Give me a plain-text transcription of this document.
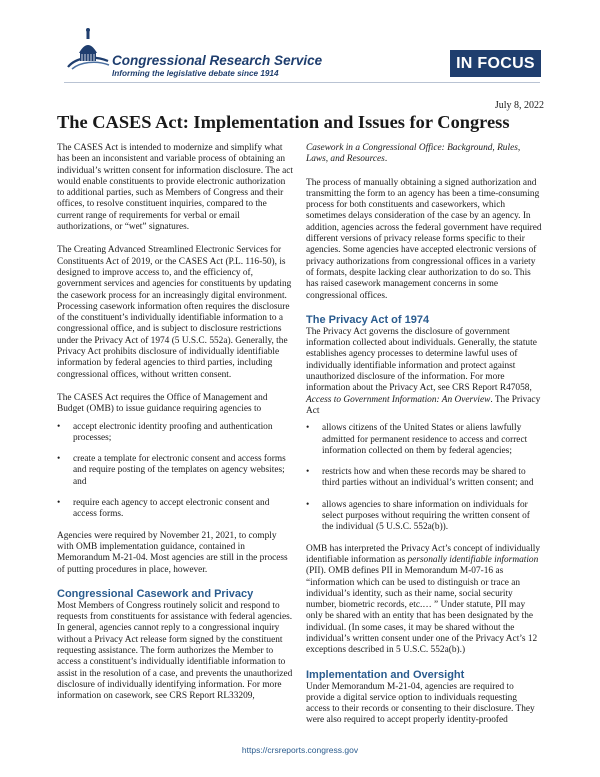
Congressional Research Service
Informing the legislative debate since 1914
IN FOCUS
July 8, 2022
The CASES Act: Implementation and Issues for Congress

The CASES Act is intended to modernize and simplify what has been an inconsistent and variable process of obtaining an individual’s written consent for information disclosure. The act would enable constituents to provide electronic authorization to additional parties, such as Members of Congress and their offices, to resolve constituent inquiries, compared to the current range of requirements for verbal or email authorizations, or “wet” signatures.

The Creating Advanced Streamlined Electronic Services for Constituents Act of 2019, or the CASES Act (P.L. 116-50), is designed to improve access to, and the efficiency of, government services and agencies for constituents by updating the casework process for an increasingly digital environment. Processing casework information often requires the disclosure of the constituent’s individually identifiable information to a congressional office, and is subject to disclosure restrictions under the Privacy Act of 1974 (5 U.S.C. 552a). Generally, the Privacy Act prohibits disclosure of individually identifiable information by federal agencies to third parties, including congressional offices, without written consent.

The CASES Act requires the Office of Management and Budget (OMB) to issue guidance requiring agencies to

• accept electronic identity proofing and authentication processes;
• create a template for electronic consent and access forms and require posting of the templates on agency websites; and
• require each agency to accept electronic consent and access forms.

Agencies were required by November 21, 2021, to comply with OMB implementation guidance, contained in Memorandum M-21-04. Most agencies are still in the process of putting procedures in place, however.

Congressional Casework and Privacy

Most Members of Congress routinely solicit and respond to requests from constituents for assistance with federal agencies. In general, agencies cannot reply to a congressional inquiry without a Privacy Act release form signed by the constituent requesting assistance. The form authorizes the Member to access a constituent’s individually identifiable information to assist in the resolution of a case, and prevents the unauthorized disclosure of individually identifying information. For more information on casework, see CRS Report RL33209,

Casework in a Congressional Office: Background, Rules, Laws, and Resources.

The process of manually obtaining a signed authorization and transmitting the form to an agency has been a time-consuming process for both constituents and caseworkers, which sometimes delays consideration of the case by an agency. In addition, agencies across the federal government have required different versions of privacy release forms specific to their agencies. Some agencies have accepted electronic versions of privacy authorizations from congressional offices in a variety of formats, despite lacking clear authorization to do so. This has raised casework management concerns in some congressional offices.

The Privacy Act of 1974

The Privacy Act governs the disclosure of government information collected about individuals. Generally, the statute establishes agency processes to determine lawful uses of individually identifiable information and protect against unauthorized disclosure of the information. For more information about the Privacy Act, see CRS Report R47058, Access to Government Information: An Overview. The Privacy Act

• allows citizens of the United States or aliens lawfully admitted for permanent residence to access and correct information collected on them by federal agencies;
• restricts how and when these records may be shared to third parties without an individual’s written consent; and
• allows agencies to share information on individuals for select purposes without requiring the written consent of the individual (5 U.S.C. 552a(b)).

OMB has interpreted the Privacy Act’s concept of individually identifiable information as personally identifiable information (PII). OMB defines PII in Memorandum M-07-16 as “information which can be used to distinguish or trace an individual’s identity, such as their name, social security number, biometric records, etc.… ” Under statute, PII may only be shared with an entity that has been designated by the individual. (In some cases, it may be shared without the individual’s written consent under one of the Privacy Act’s 12 exceptions described in 5 U.S.C. 552a(b).)

Implementation and Oversight

Under Memorandum M-21-04, agencies are required to provide a digital service option to individuals requesting access to their records or consenting to their disclosure. They were also required to accept properly identity-proofed

https://crsreports.congress.gov
